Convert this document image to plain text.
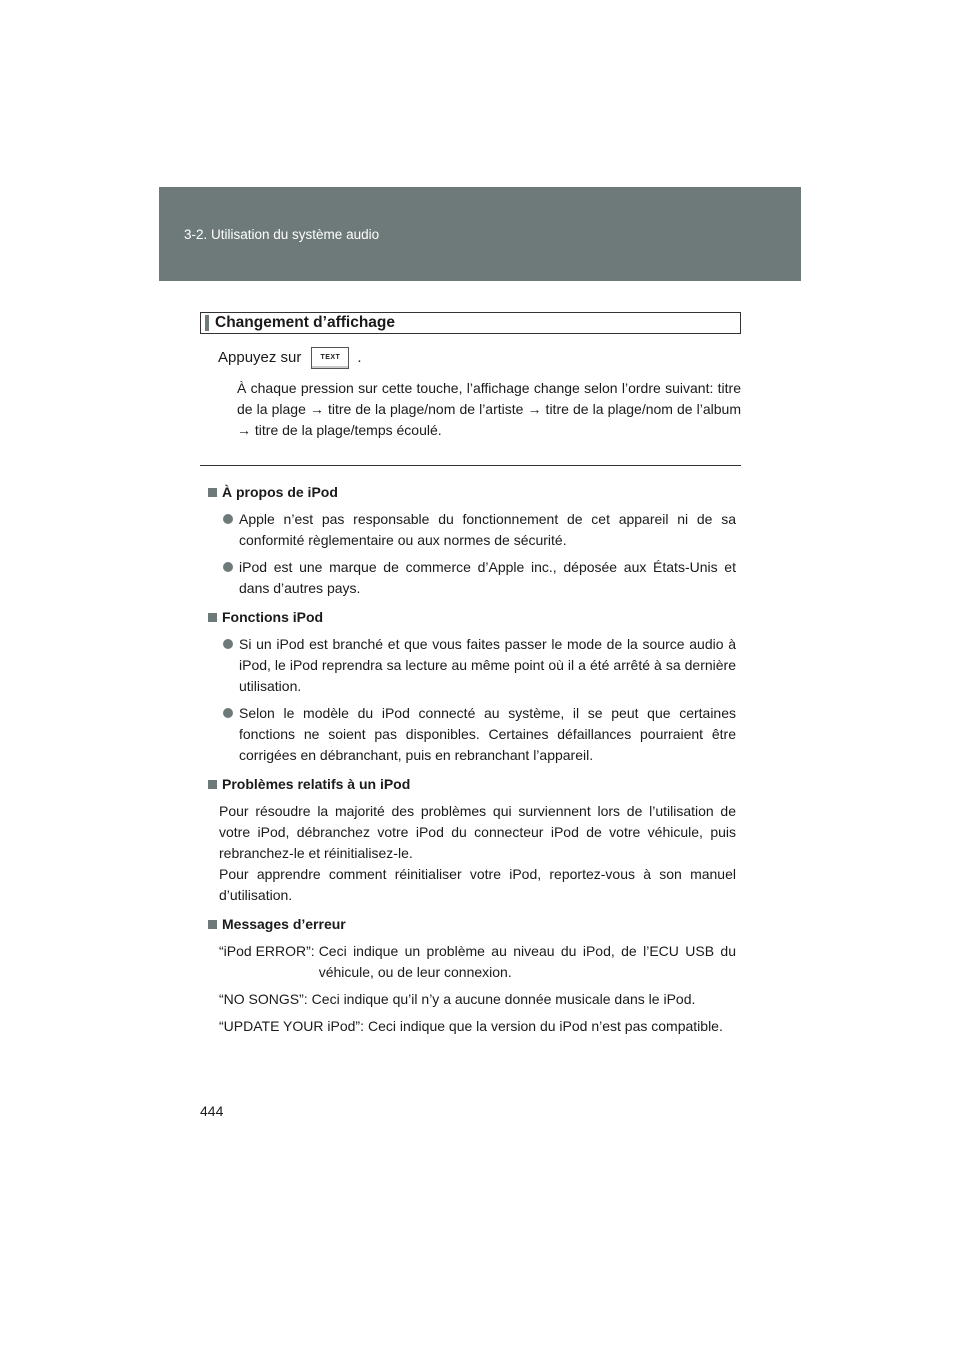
3-2. Utilisation du système audio
Changement d’affichage
Appuyez sur	TEXT	.
À chaque pression sur cette touche, l’affichage change selon l’ordre suivant: titre de la plage → titre de la plage/nom de l’artiste → titre de la plage/nom de l’album → titre de la plage/temps écoulé.
À propos de iPod
Apple n’est pas responsable du fonctionnement de cet appareil ni de sa conformité règlementaire ou aux normes de sécurité.
iPod est une marque de commerce d’Apple inc., déposée aux États-Unis et dans d’autres pays.
Fonctions iPod
Si un iPod est branché et que vous faites passer le mode de la source audio à iPod, le iPod reprendra sa lecture au même point où il a été arrêté à sa dernière utilisation.
Selon le modèle du iPod connecté au système, il se peut que certaines fonctions ne soient pas disponibles. Certaines défaillances pourraient être corrigées en débranchant, puis en rebranchant l’appareil.
Problèmes relatifs à un iPod
Pour résoudre la majorité des problèmes qui surviennent lors de l’utilisation de votre iPod, débranchez votre iPod du connecteur iPod de votre véhicule, puis rebranchez-le et réinitialisez-le.
Pour apprendre comment réinitialiser votre iPod, reportez-vous à son manuel d’utilisation.
Messages d’erreur
“iPod ERROR”: Ceci indique un problème au niveau du iPod, de l’ECU USB du véhicule, ou de leur connexion.
“NO SONGS”: Ceci indique qu’il n’y a aucune donnée musicale dans le iPod.
“UPDATE YOUR iPod”: Ceci indique que la version du iPod n’est pas compatible.
444
